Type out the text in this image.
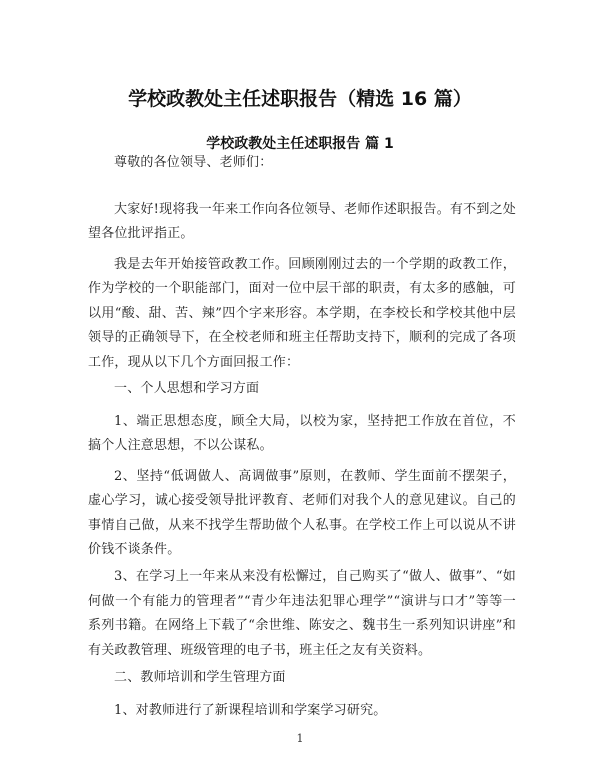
学校政教处主任述职报告（精选 16 篇）
学校政教处主任述职报告 篇 1

尊敬的各位领导、老师们：

大家好!现将我一年来工作向各位领导、老师作述职报告。有不到之处望各位批评指正。

我是去年开始接管政教工作。回顾刚刚过去的一个学期的政教工作，作为学校的一个职能部门，面对一位中层干部的职责，有太多的感触，可以用“酸、甜、苦、辣”四个字来形容。本学期，在李校长和学校其他中层领导的正确领导下，在全校老师和班主任帮助支持下，顺利的完成了各项工作，现从以下几个方面回报工作：

一、个人思想和学习方面

1、端正思想态度，顾全大局，以校为家，坚持把工作放在首位，不搞个人注意思想，不以公谋私。

2、坚持“低调做人、高调做事”原则，在教师、学生面前不摆架子，虚心学习，诚心接受领导批评教育、老师们对我个人的意见建议。自己的事情自己做，从来不找学生帮助做个人私事。在学校工作上可以说从不讲价钱不谈条件。

3、在学习上一年来从来没有松懈过，自己购买了“做人、做事”、“如何做一个有能力的管理者”“青少年违法犯罪心理学”“演讲与口才”等等一系列书籍。在网络上下载了“余世维、陈安之、魏书生一系列知识讲座”和有关政教管理、班级管理的电子书，班主任之友有关资料。

二、教师培训和学生管理方面

1、对教师进行了新课程培训和学案学习研究。

1
